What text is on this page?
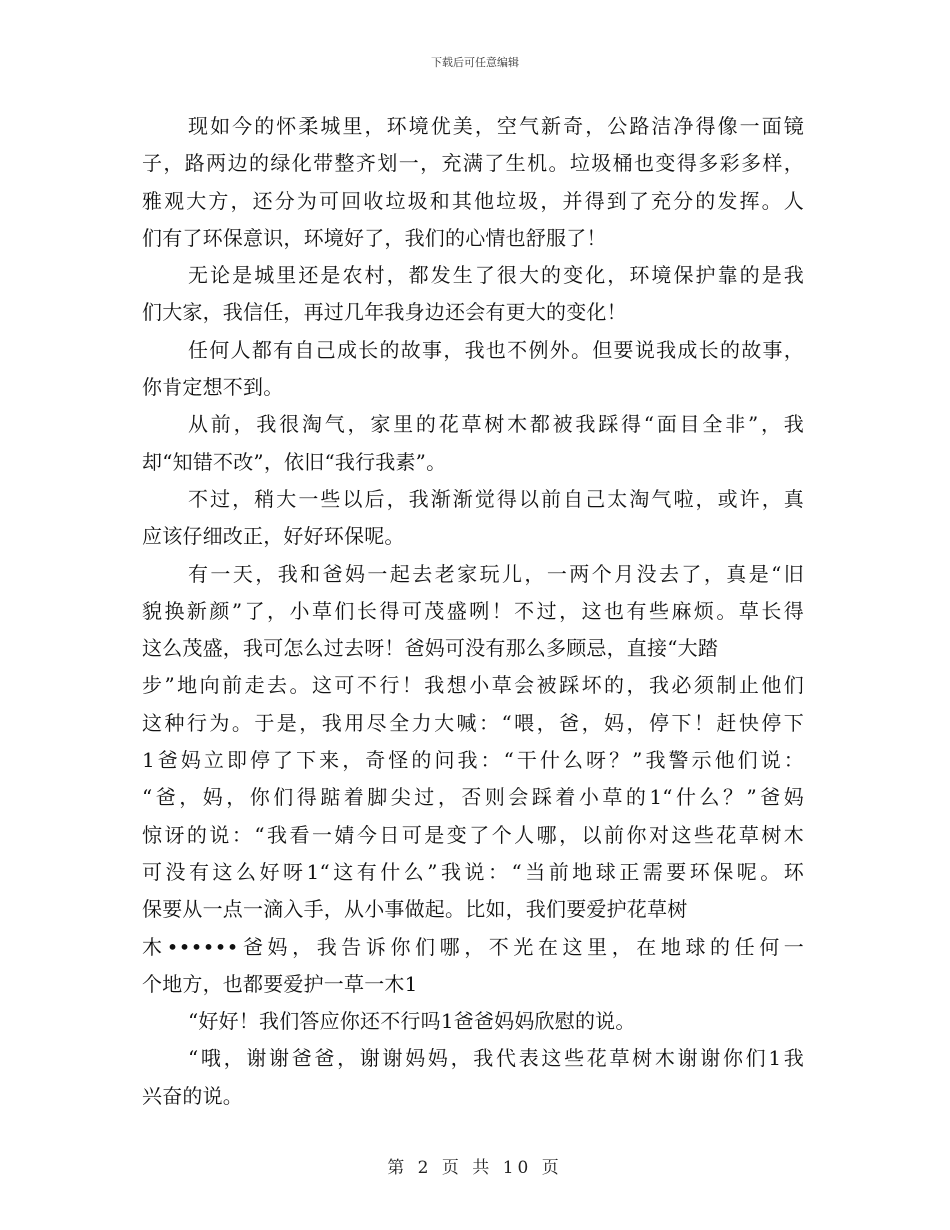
下载后可任意编辑
现如今的怀柔城里，环境优美，空气新奇，公路洁净得像一面镜
子，路两边的绿化带整齐划一，充满了生机。垃圾桶也变得多彩多样，
雅观大方，还分为可回收垃圾和其他垃圾，并得到了充分的发挥。人
们有了环保意识，环境好了，我们的心情也舒服了！
无论是城里还是农村，都发生了很大的变化，环境保护靠的是我
们大家，我信任，再过几年我身边还会有更大的变化！
任何人都有自己成长的故事，我也不例外。但要说我成长的故事，
你肯定想不到。
从前，我很淘气，家里的花草树木都被我踩得“面目全非”，我
却“知错不改”，依旧“我行我素”。
不过，稍大一些以后，我渐渐觉得以前自己太淘气啦，或许，真
应该仔细改正，好好环保呢。
有一天，我和爸妈一起去老家玩儿，一两个月没去了，真是“旧
貌换新颜”了，小草们长得可茂盛咧！不过，这也有些麻烦。草长得
这么茂盛，我可怎么过去呀！爸妈可没有那么多顾忌，直接“大踏
步”地向前走去。这可不行！我想小草会被踩坏的，我必须制止他们
这种行为。于是，我用尽全力大喊：“喂，爸，妈，停下！赶快停下
1爸妈立即停了下来，奇怪的问我：“干什么呀？”我警示他们说：
“爸，妈，你们得踮着脚尖过，否则会踩着小草的1“什么？”爸妈
惊讶的说：“我看一婧今日可是变了个人哪，以前你对这些花草树木
可没有这么好呀1“这有什么”我说：“当前地球正需要环保呢。环
保要从一点一滴入手，从小事做起。比如，我们要爱护花草树
木••••••爸妈，我告诉你们哪，不光在这里，在地球的任何一
个地方，也都要爱护一草一木1
“好好！我们答应你还不行吗1爸爸妈妈欣慰的说。
“哦，谢谢爸爸，谢谢妈妈，我代表这些花草树木谢谢你们1我
兴奋的说。
第 2 页 共 10 页
